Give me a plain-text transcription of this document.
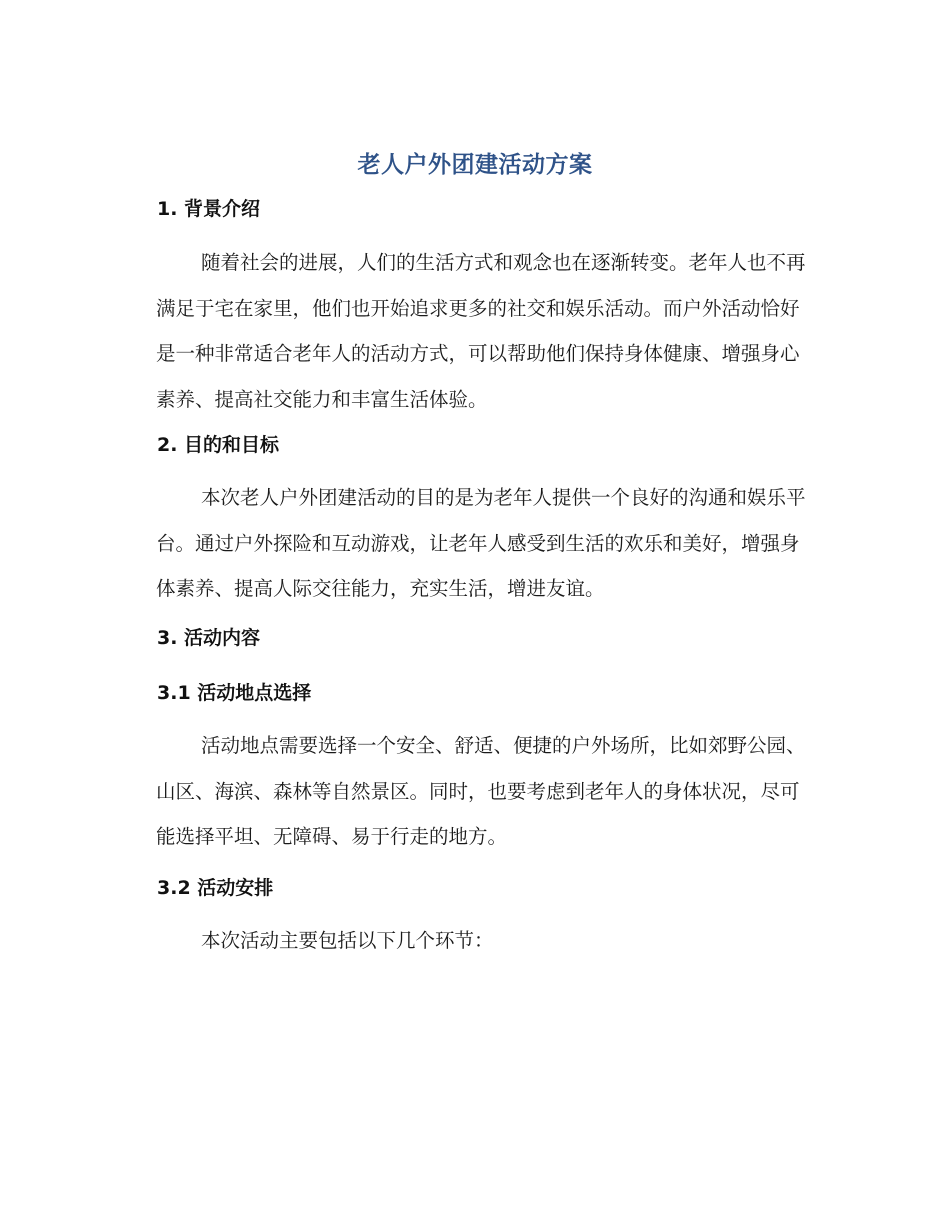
老人户外团建活动方案
1. 背景介绍
随着社会的进展，人们的生活方式和观念也在逐渐转变。老年人也不再
满足于宅在家里，他们也开始追求更多的社交和娱乐活动。而户外活动恰好
是一种非常适合老年人的活动方式，可以帮助他们保持身体健康、增强身心
素养、提高社交能力和丰富生活体验。
2. 目的和目标
本次老人户外团建活动的目的是为老年人提供一个良好的沟通和娱乐平
台。通过户外探险和互动游戏，让老年人感受到生活的欢乐和美好，增强身
体素养、提高人际交往能力，充实生活，增进友谊。
3. 活动内容
3.1 活动地点选择
活动地点需要选择一个安全、舒适、便捷的户外场所，比如郊野公园、
山区、海滨、森林等自然景区。同时，也要考虑到老年人的身体状况，尽可
能选择平坦、无障碍、易于行走的地方。
3.2 活动安排
本次活动主要包括以下几个环节：
